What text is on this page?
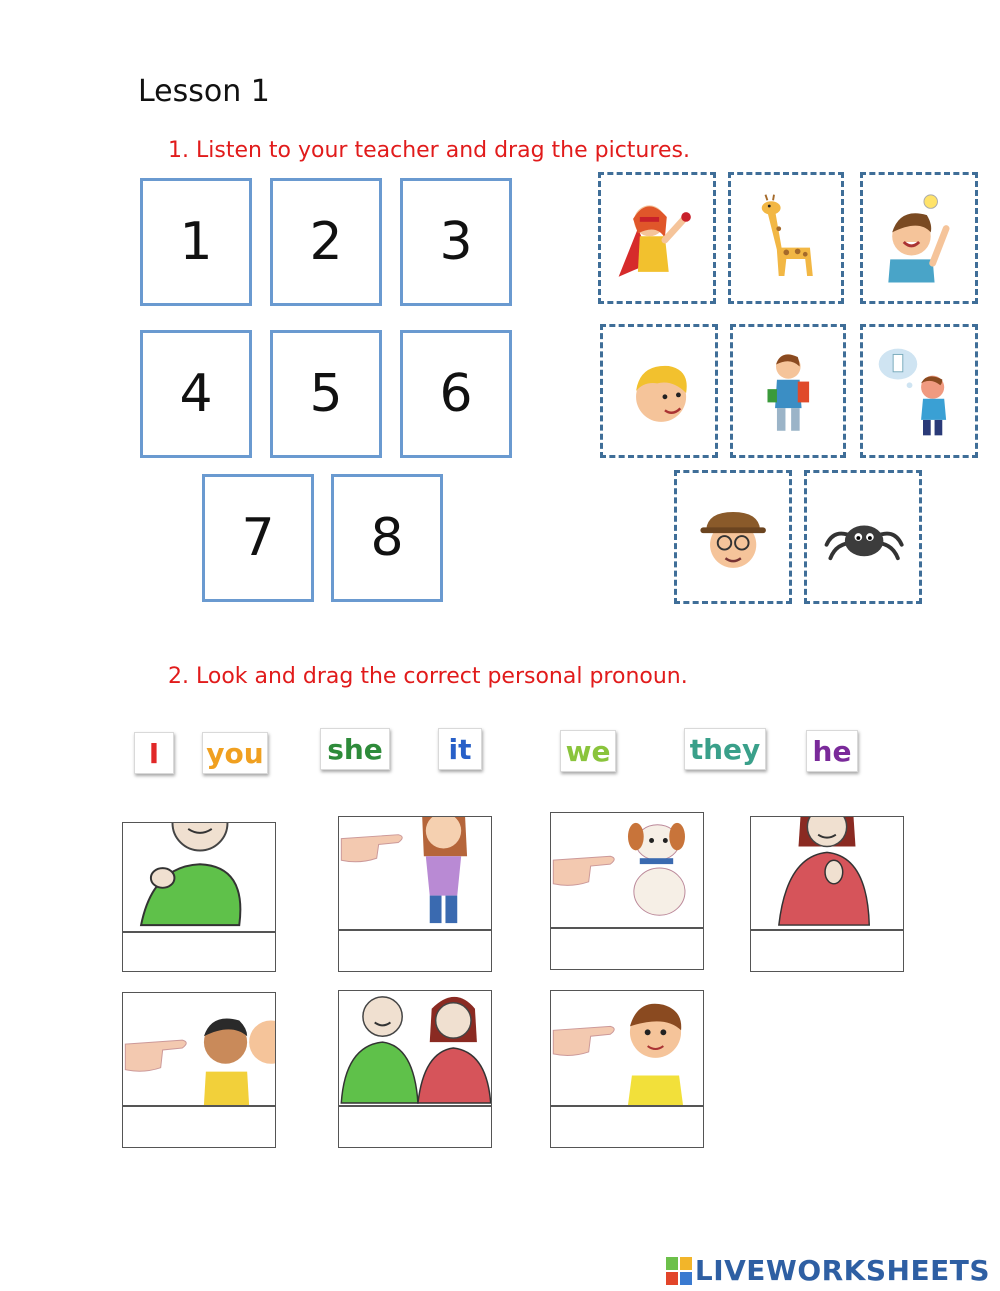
Lesson 1
1. Listen to your teacher and drag the pictures.
1	2	3
4	5	6
7	8
2. Look and drag the correct personal pronoun.
I you she it	we	they he
LIVEWORKSHEETS
